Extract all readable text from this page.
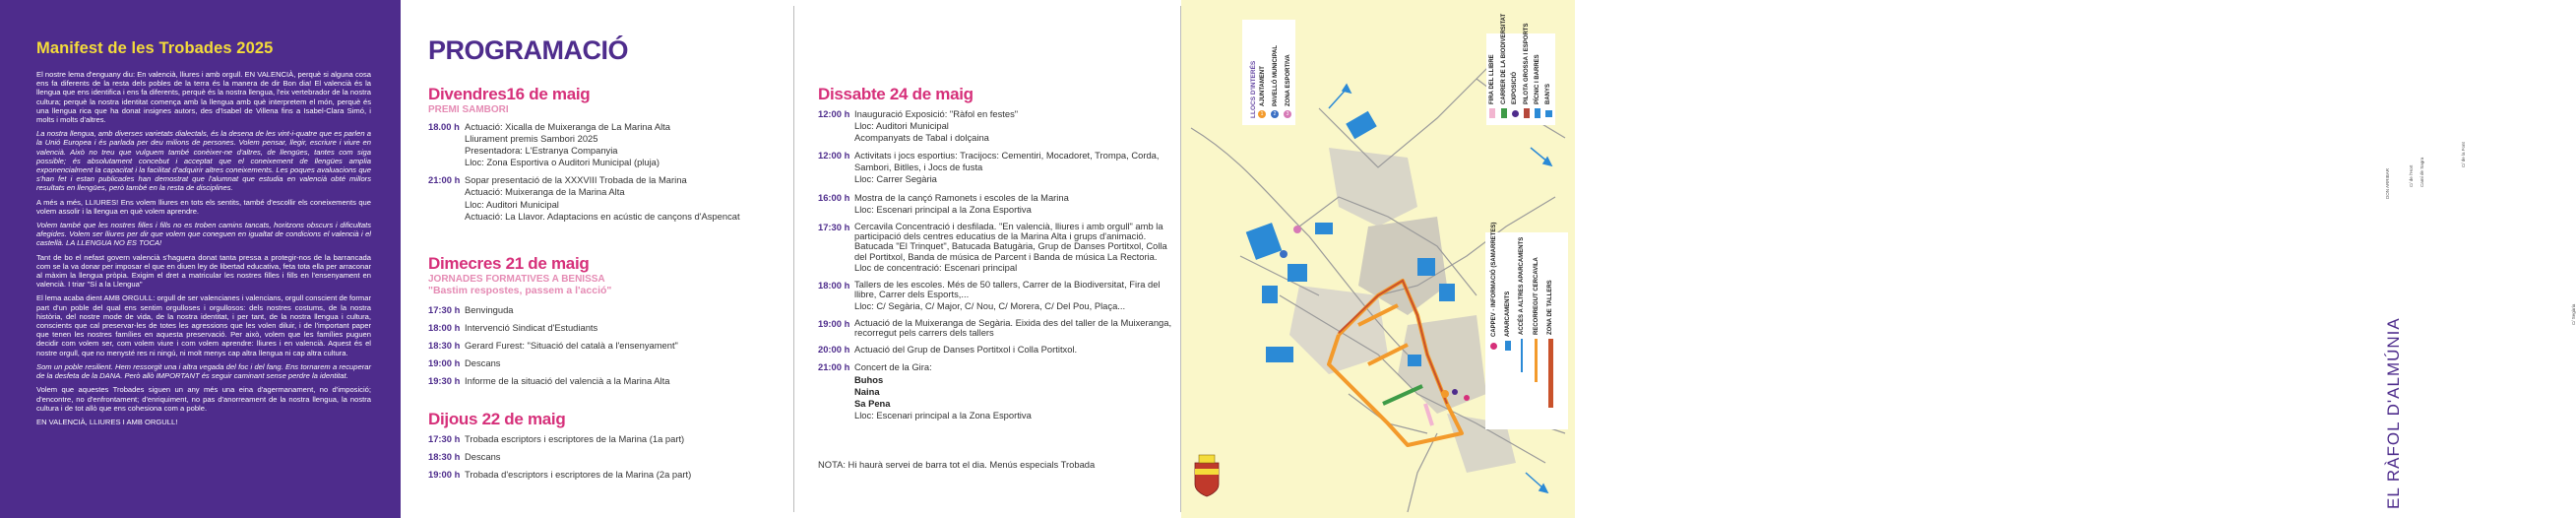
Manifest de les Trobades 2025

El nostre lema d'enguany diu: En valencià, lliures i amb orgull. EN VALENCIÀ, perquè si alguna cosa ens fa diferents de la resta dels pobles de la terra és la manera de dir Bon dia! El valencià és la llengua que ens identifica i ens fa diferents, perquè és la nostra llengua, l'eix vertebrador de la nostra cultura; perquè la nostra identitat comença amb la llengua amb què interpretem el món, perquè és una llengua rica que ha donat insignes autors, des d'Isabel de Villena fins a Isabel-Clara Simó, i molts i molts d'altres.

La nostra llengua, amb diverses varietats dialectals, és la desena de les vint-i-quatre que es parlen a la Unió Europea i és parlada per deu milions de persones. Volem pensar, llegir, escriure i viure en valencià. Això no treu que vulguem també conèixer-ne d'altres, de llengües, tantes com siga possible; és absolutament concebut i acceptat que el coneixement de llengües amplia exponencialment la capacitat i la facilitat d'adquirir altres coneixements. Les poques avaluacions que s'han fet i estan publicades han demostrat que l'alumnat que estudia en valencià obté millors resultats en llengües, però també en la resta de disciplines.

A més a més, LLIURES! Ens volem lliures en tots els sentits, també d'escollir els coneixements que volem assolir i la llengua en què volem aprendre.

Volem també que les nostres filles i fills no es troben camins tancats, horitzons obscurs i dificultats afegides. Volem ser lliures per dir que volem que coneguen en igualtat de condicions el valencià i el castellà. LA LLENGUA NO ES TOCA!

Tant de bo el nefast govern valencià s'haguera donat tanta pressa a protegir-nos de la barrancada com se la va donar per imposar el que en diuen ley de libertad educativa, feta tota ella per arraconar al màxim la llengua pròpia. Exigim el dret a matricular les nostres filles i fills en l'ensenyament en valencià. I triar "Sí a la Llengua"

El lema acaba dient AMB ORGULL: orgull de ser valencianes i valencians, orgull conscient de formar part d'un poble del qual ens sentim orgulloses i orgullosos: dels nostres costums, de la nostra història, del nostre mode de vida, de la nostra identitat, i per tant, de la nostra llengua i cultura, conscients que cal preservar-les de totes les agressions que les volen diluir, i de l'important paper que tenen les nostres famílies en aquesta preservació. Per això, volem que les famílies puguen decidir com volem ser, com volem viure i com volem aprendre: lliures i en valencià. Aquest és el nostre orgull, que no menysté res ni ningú, ni molt menys cap altra llengua ni cap altra cultura.

Som un poble resilient. Hem ressorgit una i altra vegada del foc i del fang. Ens tornarem a recuperar de la desfeta de la DANA. Però allò IMPORTANT és seguir caminant sense perdre la identitat.

Volem que aquestes Trobades siguen un any més una eina d'agermanament, no d'imposició; d'encontre, no d'enfrontament; d'enriquiment, no pas d'anorreament de la nostra llengua, la nostra cultura i de tot allò que ens cohesiona com a poble.

EN VALENCIÀ, LLIURES I AMB ORGULL!

PROGRAMACIÓ
Divendres16 de maig
PREMI SAMBORI
18.00 h Actuació: Xicalla de Muixeranga de La Marina Alta
Lliurament premis Sambori 2025
Presentadora: L'Estranya Companyia
Lloc: Zona Esportiva o Auditori Municipal (pluja)
21:00 h Sopar presentació de la XXXVIII Trobada de la Marina
Actuació: Muixeranga de la Marina Alta
Lloc: Auditori Municipal
Actuació: La Llavor. Adaptacions en acústic de cançons d'Aspencat
Dimecres 21 de maig
JORNADES FORMATIVES A BENISSA
"Bastim respostes, passem a l'acció"
17:30 h Benvinguda
18:00 h Intervenció Sindicat d'Estudiants
18:30 h Gerard Furest: "Situació del català a l'ensenyament"
19:00 h Descans
19:30 h Informe de la situació del valencià a la Marina Alta
Dijous 22 de maig
17:30 h Trobada escriptors i escriptores de la Marina (1a part)
18:30 h Descans
19:00 h Trobada d'escriptors i escriptores de la Marina (2a part)
Dissabte 24 de maig
12:00 h Inauguració Exposició: "Ràfol en festes"
Lloc: Auditori Municipal
Acompanyats de Tabal i dolçaina
12:00 h Activitats i jocs esportius: Tracijocs: Cementiri, Mocadoret, Trompa, Corda, Sambori, Bitlles, i Jocs de fusta
Lloc: Carrer Segària
16:00 h Mostra de la cançó Ramonets i escoles de la Marina
Lloc: Escenari principal a la Zona Esportiva
17:30 h Cercavila Concentració i desfilada. "En valencià, lliures i amb orgull" amb la participació dels centres educatius de la Marina Alta i grups d'animació. Batucada "El Trinquet", Batucada Batugària, Grup de Danses Portitxol, Colla del Portitxol, Banda de música de Parcent i Banda de música La Rectoria.
Lloc de concentració: Escenari principal
18:00 h Tallers de les escoles. Més de 50 tallers, Carrer de la Biodiversitat, Fira del llibre, Carrer dels Esports,...
Lloc: C/ Segària, C/ Major, C/ Nou, C/ Morera, C/ Del Pou, Plaça...
19:00 h Actuació de la Muixeranga de Segària. Eixida des del taller de la Muixeranga, recorregut pels carrers dels tallers
20:00 h Actuació del Grup de Danses Portitxol i Colla Portitxol.
21:00 h Concert de la Gira:
Buhos
Naina
Sa Pena
Lloc: Escenari principal a la Zona Esportiva
NOTA: Hi haurà servei de barra tot el dia. Menús especials Trobada
DON ARRIBAR	C/ de l'Hort Camí de Sagra
C/ de la Font
C/ Segària
EL RÀFOL D'ALMÚNIA
LLOCS D'INTERÉS 1
AJUNTAMENT
2
PAVELLÓ MUNICIPAL
3
ZONA ESPORTIVA	FIRA DEL LLIBRE CARRER DE LA BIODIVERSITAT EXPOSICIÓ PILOTA GROSSA I ESPORTS PÍCNIC I BARRES BANYS
CAPPEV - INFORMACIÓ (SAMARRETES) APARCAMENTS ACCÉS A ALTRES APARCAMENTS RECORREGUT CERCAVILA ZONA DE TALLERS
